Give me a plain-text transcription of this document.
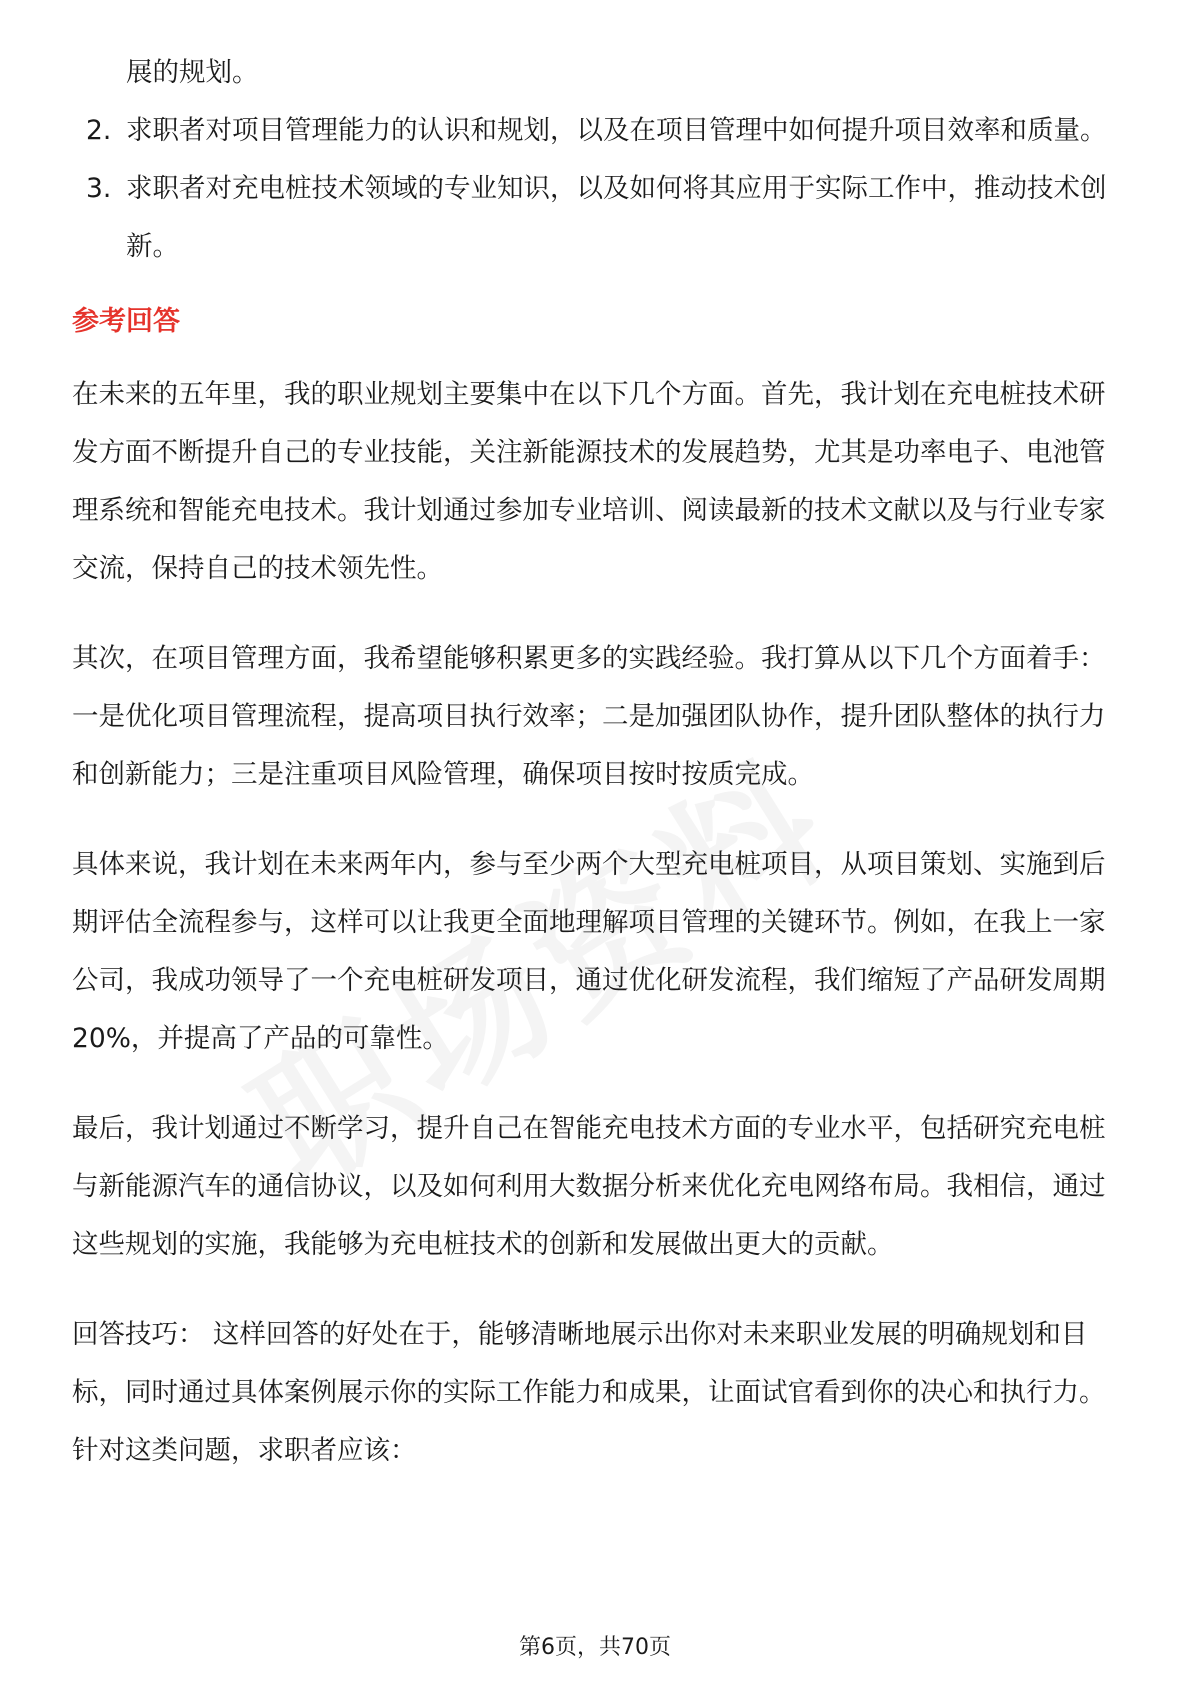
展的规划。

2. 求职者对项目管理能力的认识和规划，以及在项目管理中如何提升项目效率和质量。
3. 求职者对充电桩技术领域的专业知识，以及如何将其应用于实际工作中，推动技术创新。
参考回答

在未来的五年里，我的职业规划主要集中在以下几个方面。首先，我计划在充电桩技术研发方面不断提升自己的专业技能，关注新能源技术的发展趋势，尤其是功率电子、电池管理系统和智能充电技术。我计划通过参加专业培训、阅读最新的技术文献以及与行业专家交流，保持自己的技术领先性。

其次，在项目管理方面，我希望能够积累更多的实践经验。我打算从以下几个方面着手：一是优化项目管理流程，提高项目执行效率；二是加强团队协作，提升团队整体的执行力和创新能力；三是注重项目风险管理，确保项目按时按质完成。

具体来说，我计划在未来两年内，参与至少两个大型充电桩项目，从项目策划、实施到后期评估全流程参与，这样可以让我更全面地理解项目管理的关键环节。例如，在我上一家公司，我成功领导了一个充电桩研发项目，通过优化研发流程，我们缩短了产品研发周期20%，并提高了产品的可靠性。

最后，我计划通过不断学习，提升自己在智能充电技术方面的专业水平，包括研究充电桩与新能源汽车的通信协议，以及如何利用大数据分析来优化充电网络布局。我相信，通过这些规划的实施，我能够为充电桩技术的创新和发展做出更大的贡献。

回答技巧： 这样回答的好处在于，能够清晰地展示出你对未来职业发展的明确规划和目标，同时通过具体案例展示你的实际工作能力和成果，让面试官看到你的决心和执行力。针对这类问题，求职者应该：

第6页，共70页
